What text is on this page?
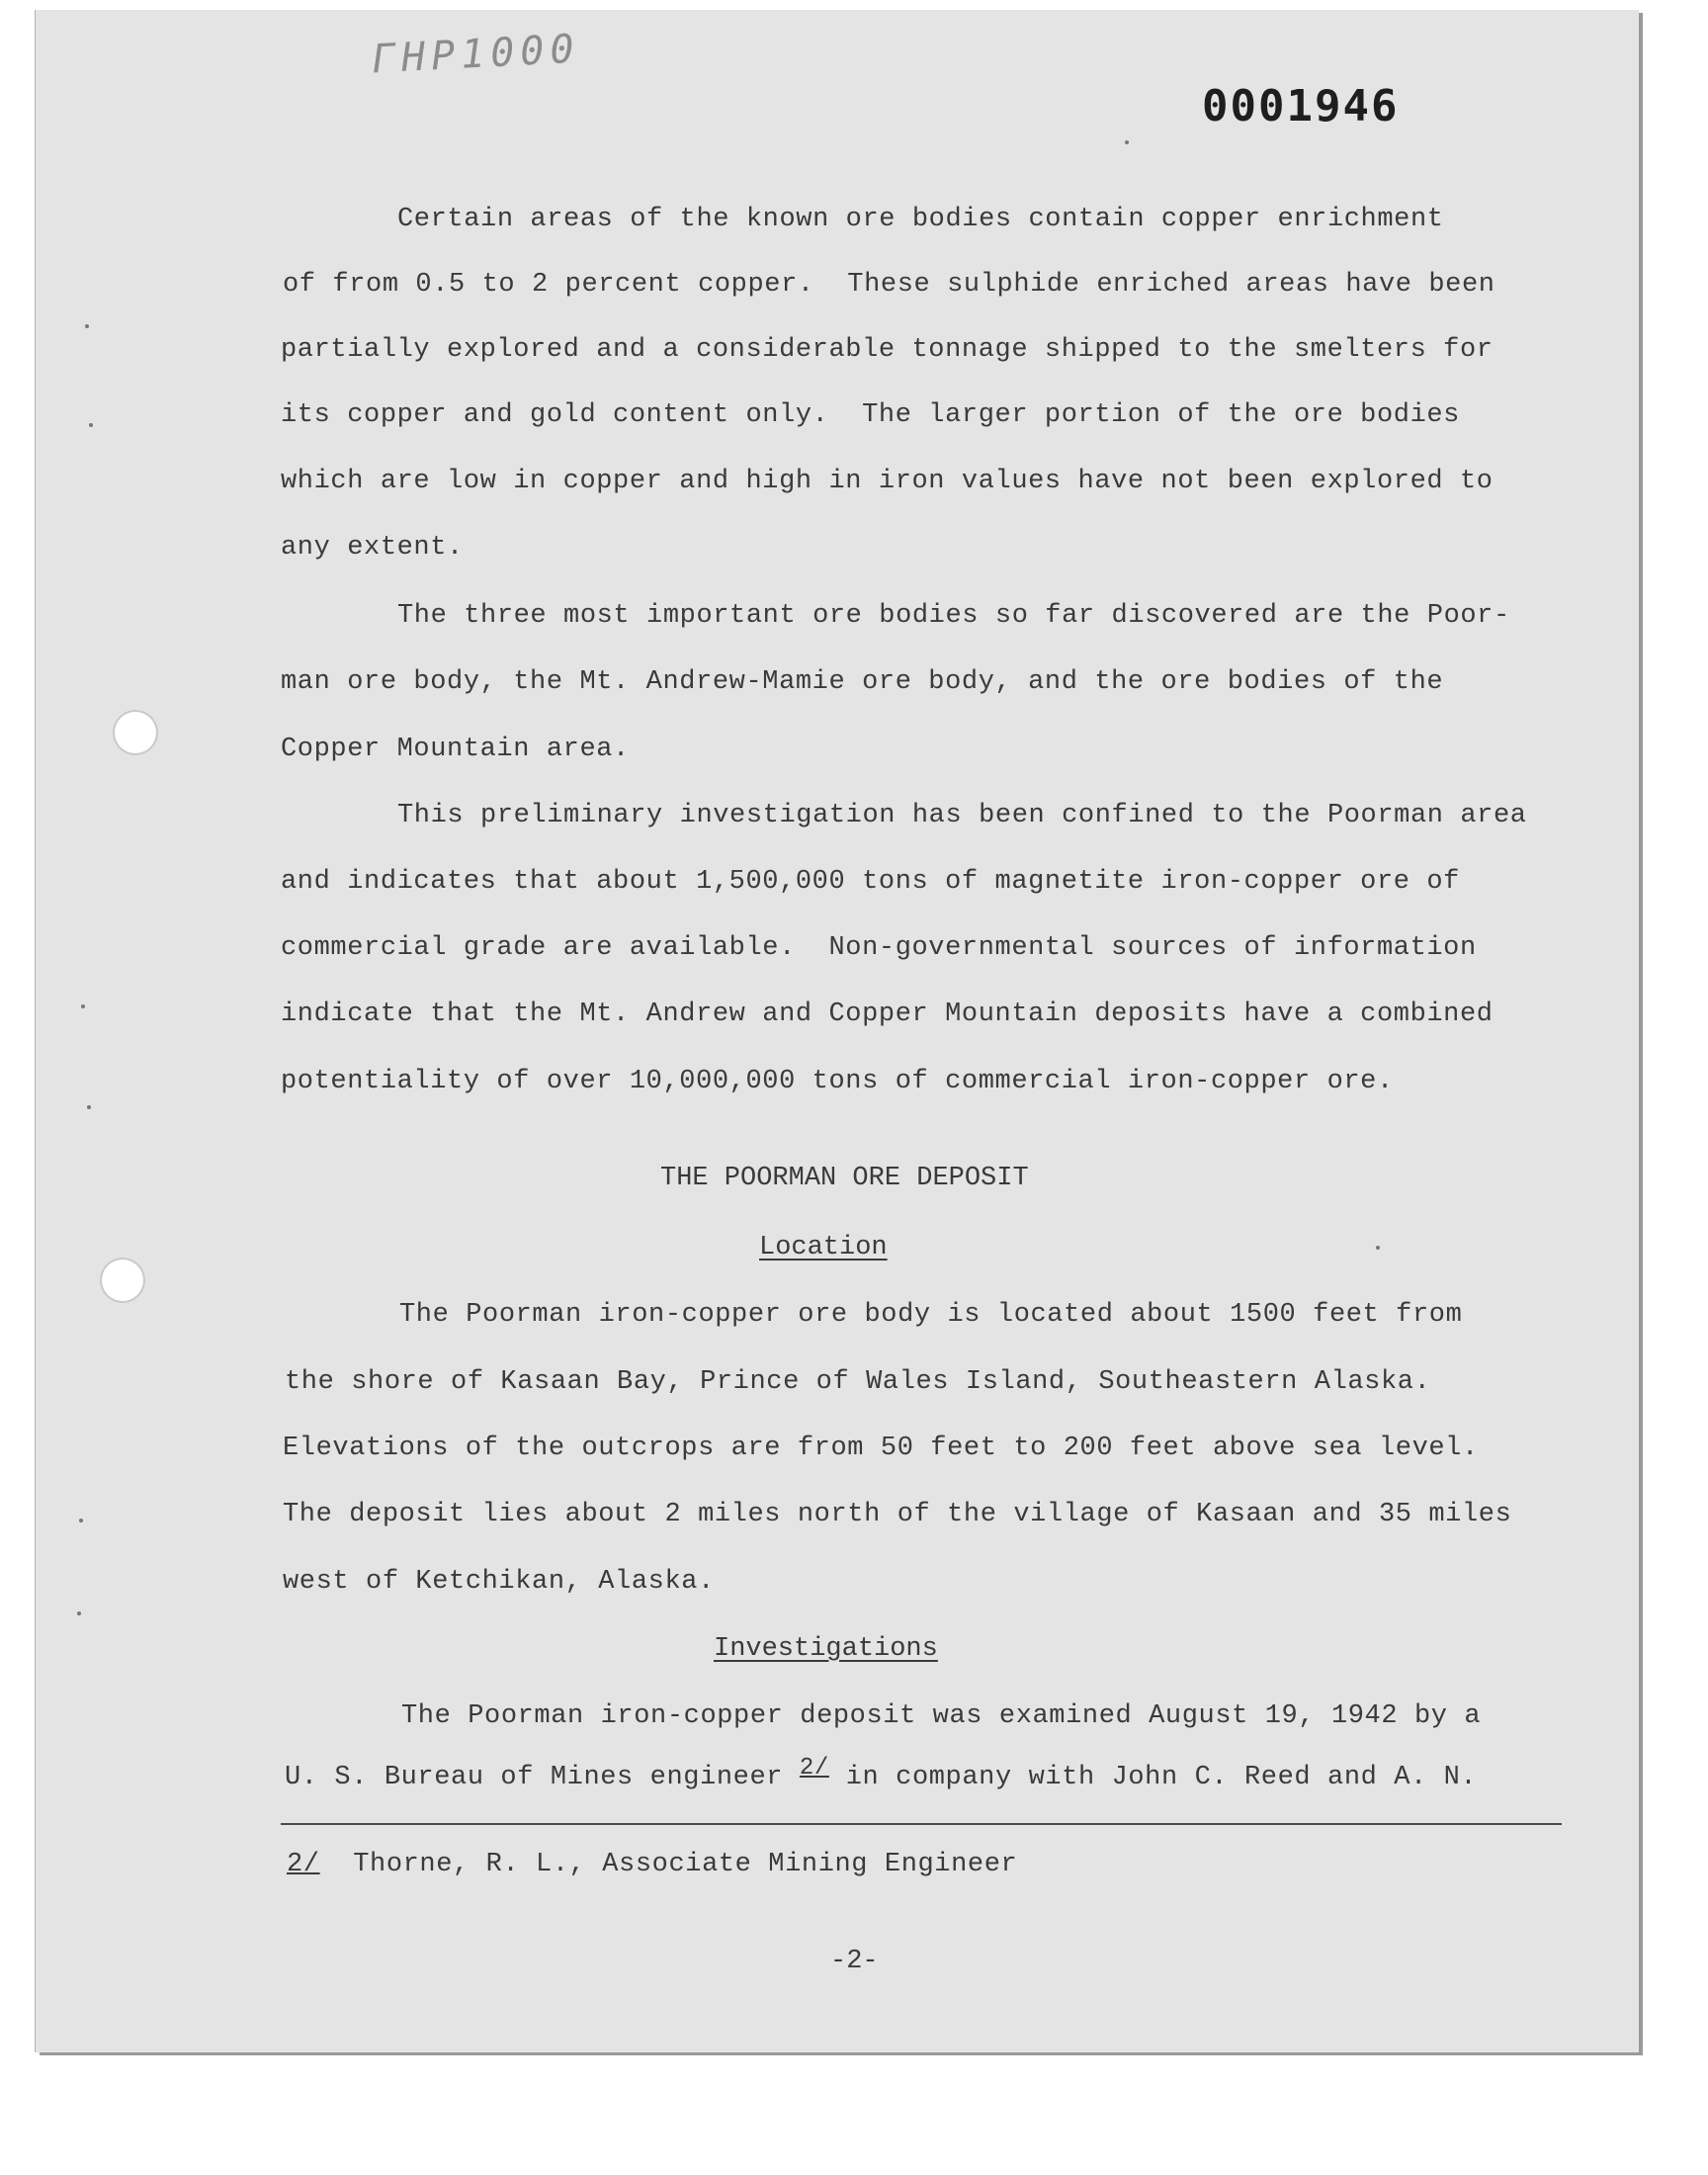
ГНР1000
0001946
Certain areas of the known ore bodies contain copper enrichment
of from 0.5 to 2 percent copper.  These sulphide enriched areas have been
partially explored and a considerable tonnage shipped to the smelters for
its copper and gold content only.  The larger portion of the ore bodies
which are low in copper and high in iron values have not been explored to
any extent.
The three most important ore bodies so far discovered are the Poor-
man ore body, the Mt. Andrew-Mamie ore body, and the ore bodies of the
Copper Mountain area.
This preliminary investigation has been confined to the Poorman area
and indicates that about 1,500,000 tons of magnetite iron-copper ore of
commercial grade are available.  Non-governmental sources of information
indicate that the Mt. Andrew and Copper Mountain deposits have a combined
potentiality of over 10,000,000 tons of commercial iron-copper ore.
THE POORMAN ORE DEPOSIT
Location
The Poorman iron-copper ore body is located about 1500 feet from
the shore of Kasaan Bay, Prince of Wales Island, Southeastern Alaska.
Elevations of the outcrops are from 50 feet to 200 feet above sea level.
The deposit lies about 2 miles north of the village of Kasaan and 35 miles
west of Ketchikan, Alaska.
Investigations
The Poorman iron-copper deposit was examined August 19, 1942 by a
U. S. Bureau of Mines engineer 2/ in company with John C. Reed and A. N.
2/ Thorne, R. L., Associate Mining Engineer
-2-
